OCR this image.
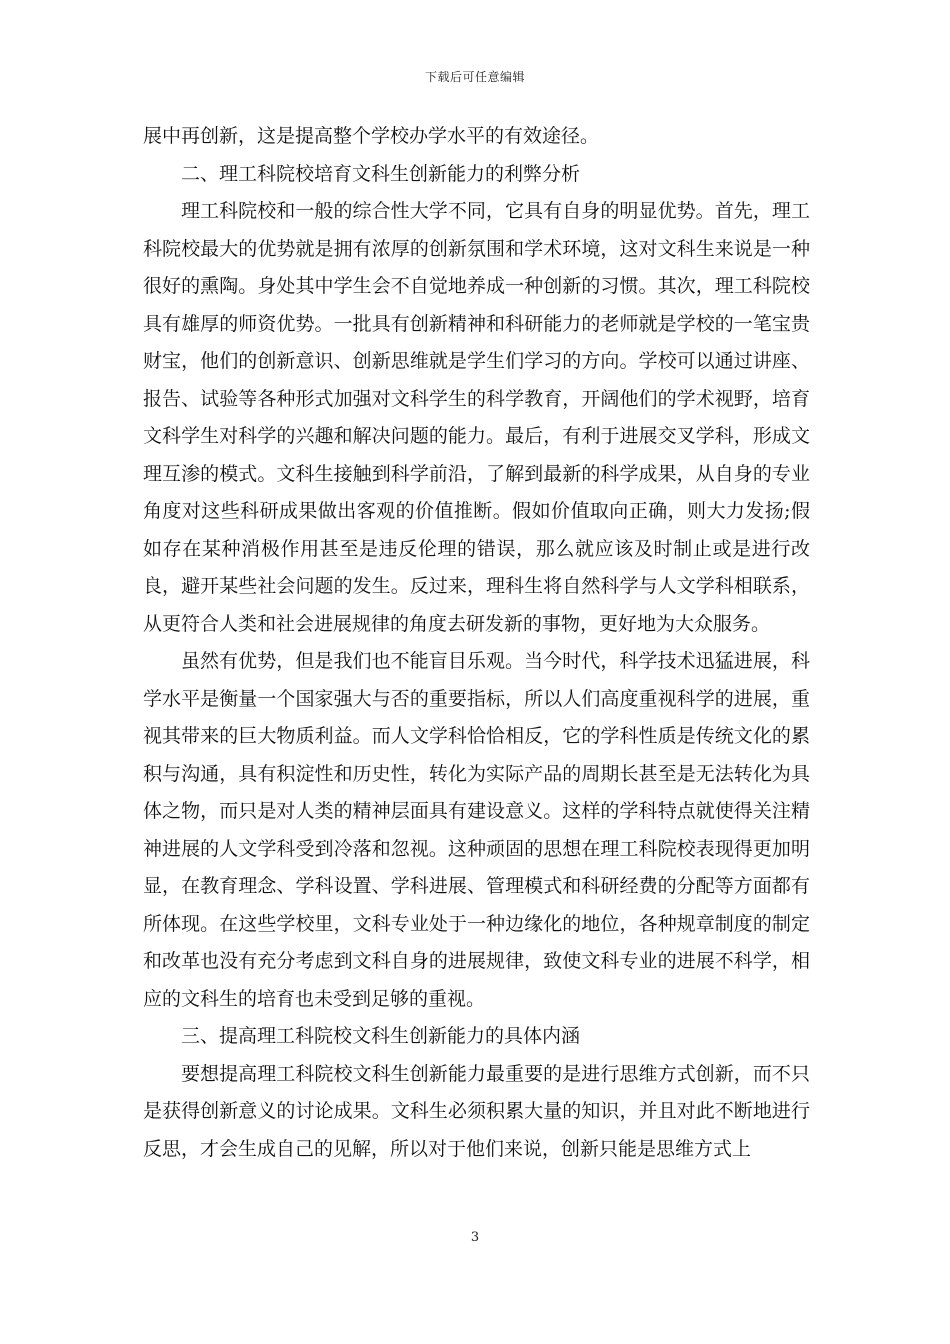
下载后可任意编辑

展中再创新，这是提高整个学校办学水平的有效途径。

二、理工科院校培育文科生创新能力的利弊分析

理工科院校和一般的综合性大学不同，它具有自身的明显优势。首先，理工科院校最大的优势就是拥有浓厚的创新氛围和学术环境，这对文科生来说是一种很好的熏陶。身处其中学生会不自觉地养成一种创新的习惯。其次，理工科院校具有雄厚的师资优势。一批具有创新精神和科研能力的老师就是学校的一笔宝贵财宝，他们的创新意识、创新思维就是学生们学习的方向。学校可以通过讲座、报告、试验等各种形式加强对文科学生的科学教育，开阔他们的学术视野，培育文科学生对科学的兴趣和解决问题的能力。最后，有利于进展交叉学科，形成文理互渗的模式。文科生接触到科学前沿，了解到最新的科学成果，从自身的专业角度对这些科研成果做出客观的价值推断。假如价值取向正确，则大力发扬;假如存在某种消极作用甚至是违反伦理的错误，那么就应该及时制止或是进行改良，避开某些社会问题的发生。反过来，理科生将自然科学与人文学科相联系，从更符合人类和社会进展规律的角度去研发新的事物，更好地为大众服务。

虽然有优势，但是我们也不能盲目乐观。当今时代，科学技术迅猛进展，科学水平是衡量一个国家强大与否的重要指标，所以人们高度重视科学的进展，重视其带来的巨大物质利益。而人文学科恰恰相反，它的学科性质是传统文化的累积与沟通，具有积淀性和历史性，转化为实际产品的周期长甚至是无法转化为具体之物，而只是对人类的精神层面具有建设意义。这样的学科特点就使得关注精神进展的人文学科受到冷落和忽视。这种顽固的思想在理工科院校表现得更加明显，在教育理念、学科设置、学科进展、管理模式和科研经费的分配等方面都有所体现。在这些学校里，文科专业处于一种边缘化的地位，各种规章制度的制定和改革也没有充分考虑到文科自身的进展规律，致使文科专业的进展不科学，相应的文科生的培育也未受到足够的重视。

三、提高理工科院校文科生创新能力的具体内涵

要想提高理工科院校文科生创新能力最重要的是进行思维方式创新，而不只是获得创新意义的讨论成果。文科生必须积累大量的知识，并且对此不断地进行反思，才会生成自己的见解，所以对于他们来说，创新只能是思维方式上

3
